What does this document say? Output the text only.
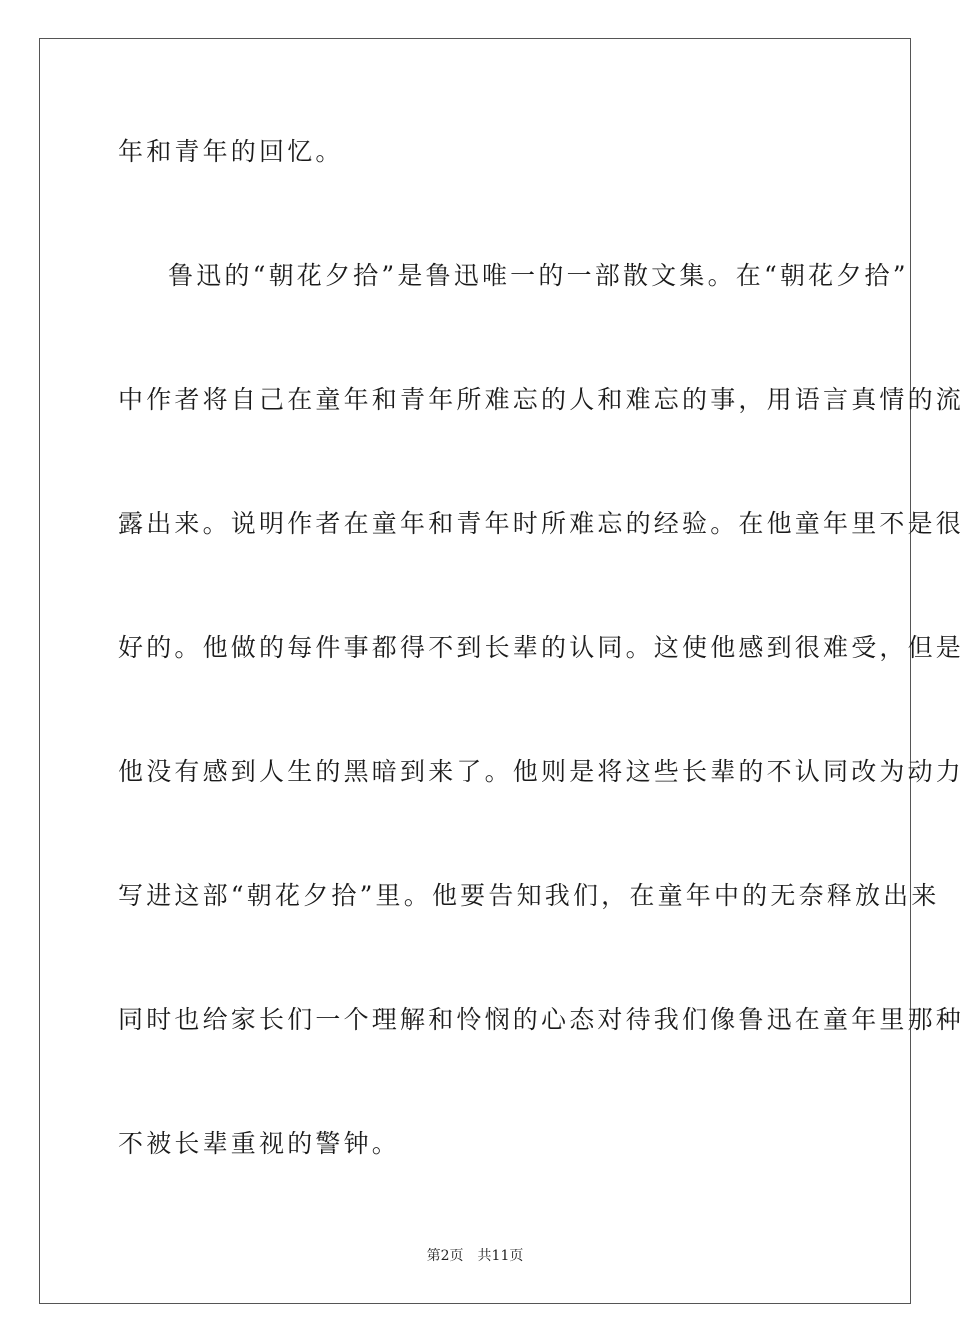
年和青年的回忆。
鲁迅的“朝花夕拾”是鲁迅唯一的一部散文集。在“朝花夕拾”
中作者将自己在童年和青年所难忘的人和难忘的事，用语言真情的流
露出来。说明作者在童年和青年时所难忘的经验。在他童年里不是很
好的。他做的每件事都得不到长辈的认同。这使他感到很难受，但是
他没有感到人生的黑暗到来了。他则是将这些长辈的不认同改为动力
写进这部“朝花夕拾”里。他要告知我们，在童年中的无奈释放出来
同时也给家长们一个理解和怜悯的心态对待我们像鲁迅在童年里那种
不被长辈重视的警钟。
第2页 共11页
